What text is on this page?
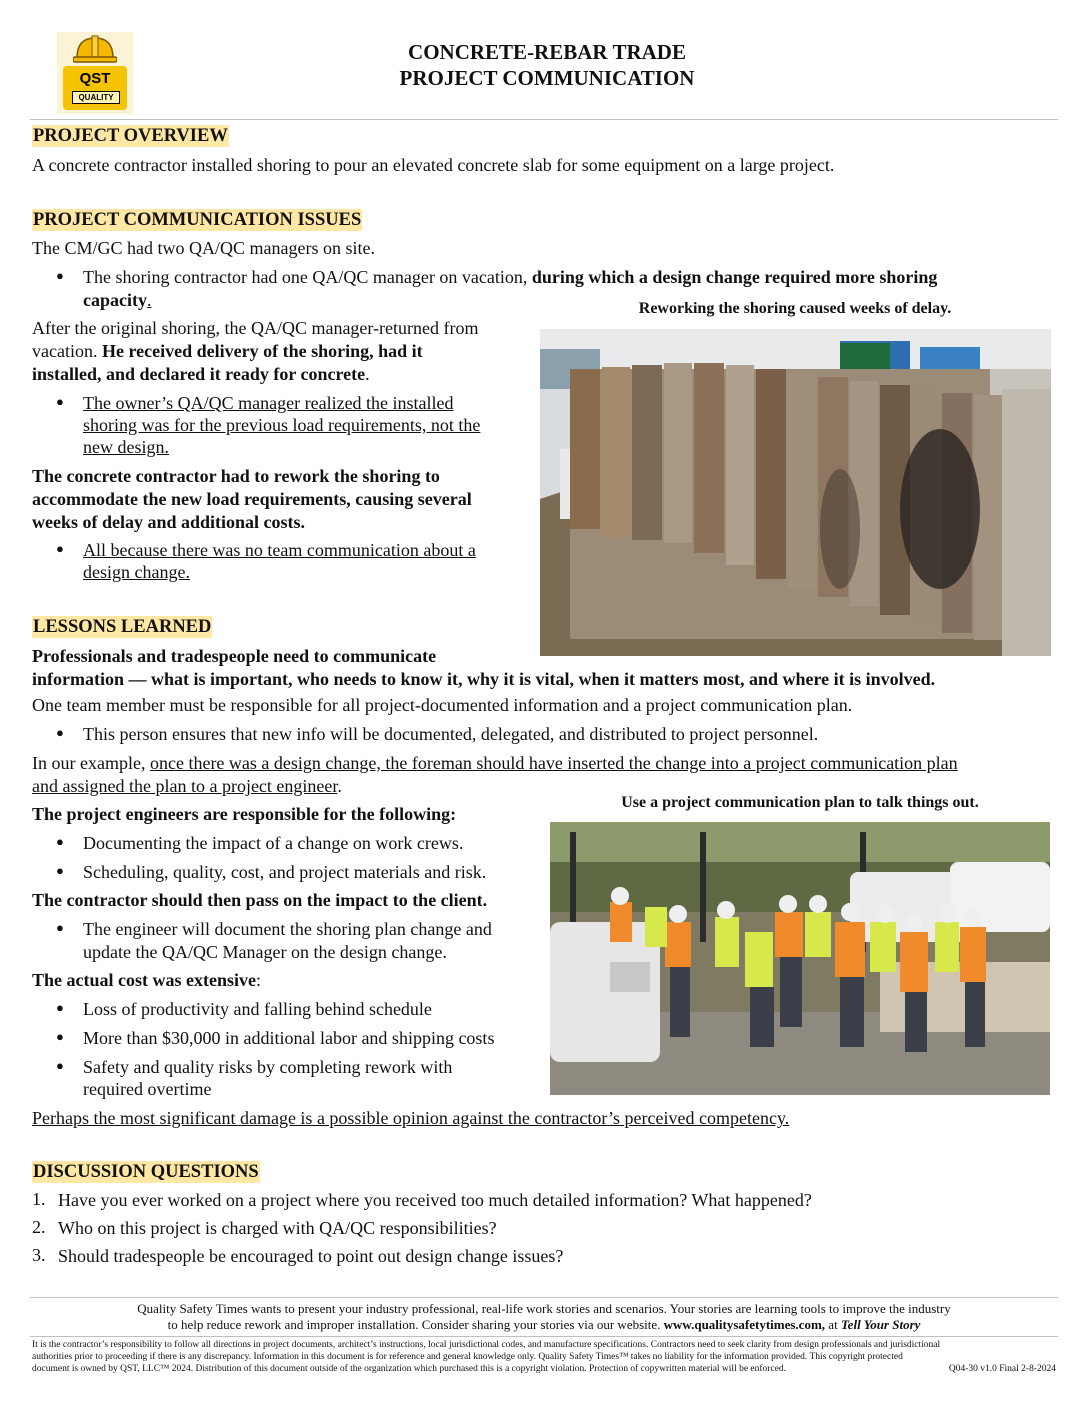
QST
QUALITY
CONCRETE-REBAR TRADE
PROJECT COMMUNICATION
PROJECT OVERVIEW
A concrete contractor installed shoring to pour an elevated concrete slab for some equipment on a large project.
PROJECT COMMUNICATION ISSUES
The CM/GC had two QA/QC managers on site.
● The shoring contractor had one QA/QC manager on vacation, during which a design change required more shoring
capacity.
After the original shoring, the QA/QC manager-returned from
vacation. He received delivery of the shoring, had it
installed, and declared it ready for concrete.
● The owner’s QA/QC manager realized the installed
shoring was for the previous load requirements, not the
new design.
The concrete contractor had to rework the shoring to
accommodate the new load requirements, causing several
weeks of delay and additional costs.
● All because there was no team communication about a
design change.
Reworking the shoring caused weeks of delay.
LESSONS LEARNED
Professionals and tradespeople need to communicate
information — what is important, who needs to know it, why it is vital, when it matters most, and where it is involved.
One team member must be responsible for all project-documented information and a project communication plan.
● This person ensures that new info will be documented, delegated, and distributed to project personnel.
In our example, once there was a design change, the foreman should have inserted the change into a project communication plan
and assigned the plan to a project engineer.
The project engineers are responsible for the following:
● Documenting the impact of a change on work crews.
● Scheduling, quality, cost, and project materials and risk.
The contractor should then pass on the impact to the client.
● The engineer will document the shoring plan change and
update the QA/QC Manager on the design change.
The actual cost was extensive:
● Loss of productivity and falling behind schedule
● More than $30,000 in additional labor and shipping costs
● Safety and quality risks by completing rework with
required overtime
Perhaps the most significant damage is a possible opinion against the contractor’s perceived competency.
Use a project communication plan to talk things out.
DISCUSSION QUESTIONS
1. Have you ever worked on a project where you received too much detailed information? What happened?
2. Who on this project is charged with QA/QC responsibilities?
3. Should tradespeople be encouraged to point out design change issues?
Quality Safety Times wants to present your industry professional, real-life work stories and scenarios. Your stories are learning tools to improve the industry
to help reduce rework and improper installation. Consider sharing your stories via our website. www.qualitysafetytimes.com, at Tell Your Story
It is the contractor’s responsibility to follow all directions in project documents, architect’s instructions, local jurisdictional codes, and manufacture specifications. Contractors need to seek clarity from design professionals and jurisdictional
authorities prior to proceeding if there is any discrepancy. Information in this document is for reference and general knowledge only. Quality Safety Times™ takes no liability for the information provided. This copyright protected
document is owned by QST, LLC™ 2024. Distribution of this document outside of the organization which purchased this is a copyright violation. Protection of copywritten material will be enforced.	Q04-30 v1.0 Final 2-8-2024
